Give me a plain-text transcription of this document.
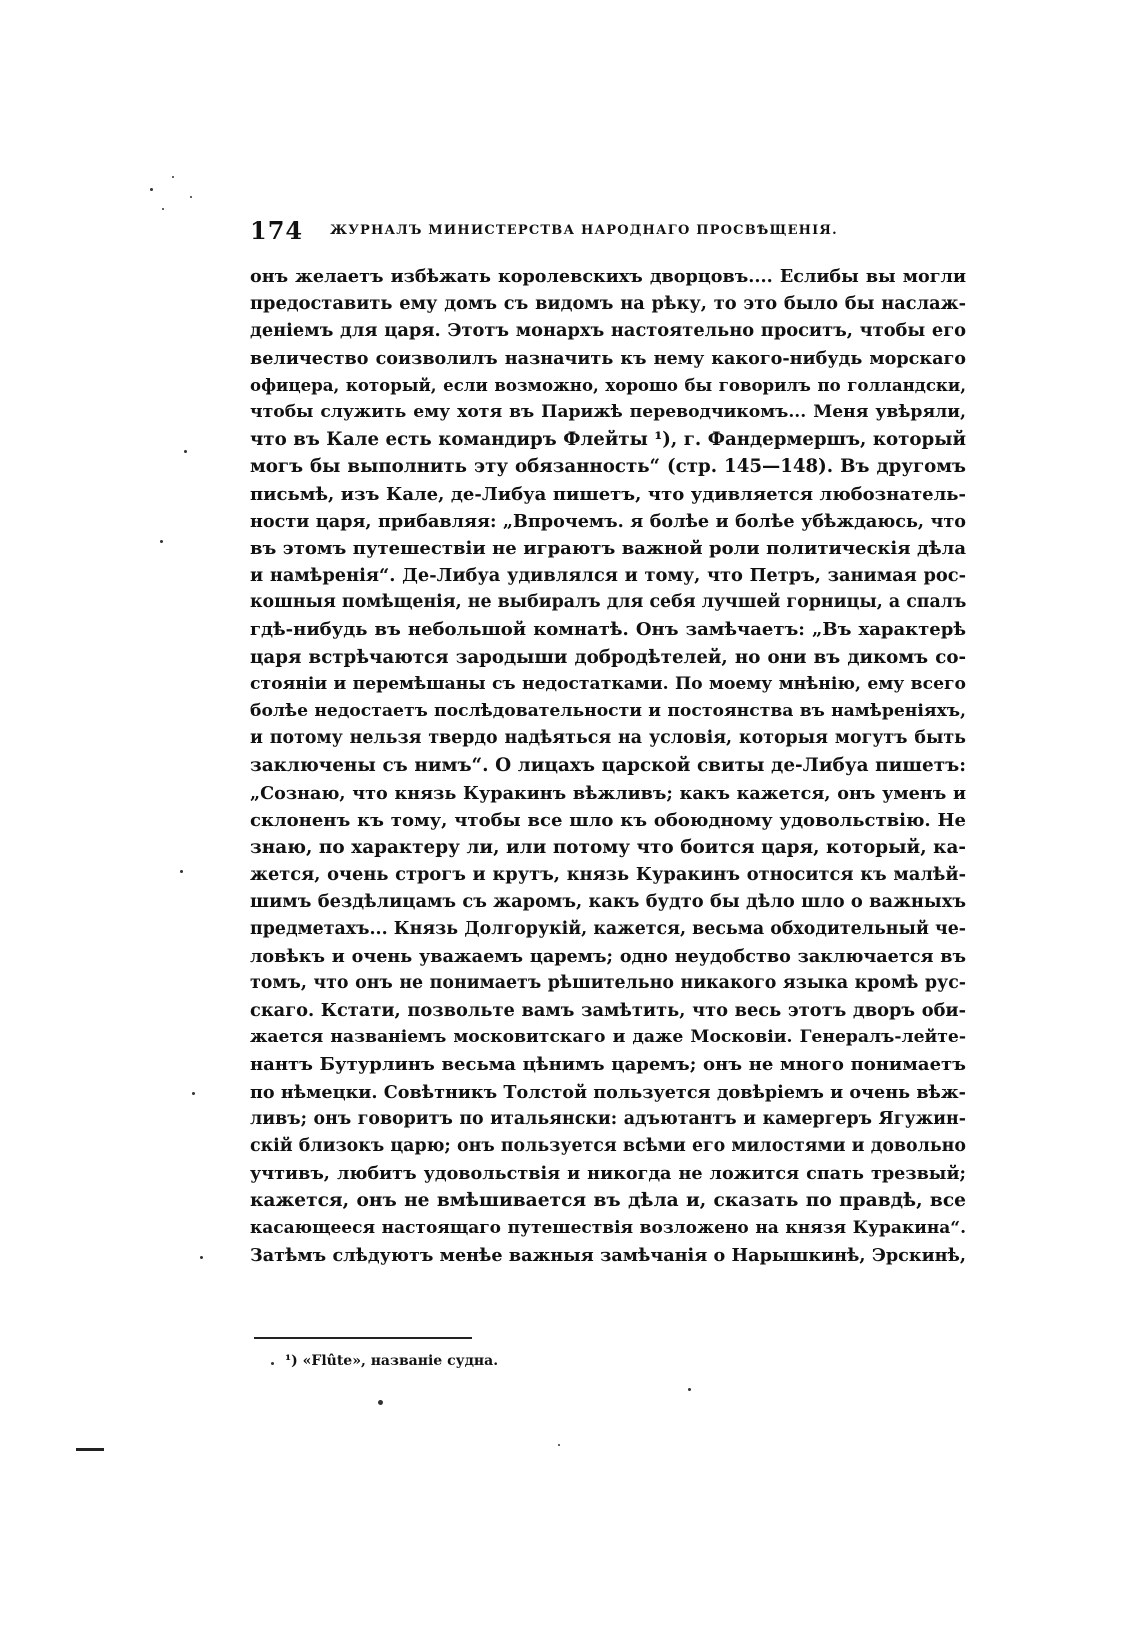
174 ЖУРНАЛЪ МИНИСТЕРСТВА НАРОДНАГО ПРОСВѢЩЕНІЯ.
онъ желаетъ избѣжать королевскихъ дворцовъ.... Еслибы вы могли
предоставить ему домъ съ видомъ на рѣку, то это было бы наслаж-
деніемъ для царя. Этотъ монархъ настоятельно проситъ, чтобы его
величество соизволилъ назначить къ нему какого-нибудь морскаго
офицера, который, если возможно, хорошо бы говорилъ по голландски,
чтобы служить ему хотя въ Парижѣ переводчикомъ... Меня увѣряли,
что въ Кале есть командиръ Флейты ¹), г. Фандермершъ, который
могъ бы выполнить эту обязанность“ (стр. 145—148). Въ другомъ
письмѣ, изъ Кале, де-Либуа пишетъ, что удивляется любознатель-
ности царя, прибавляя: „Впрочемъ. я болѣе и болѣе убѣждаюсь, что
въ этомъ путешествіи не играютъ важной роли политическія дѣла
и намѣренія“. Де-Либуа удивлялся и тому, что Петръ, занимая рос-
кошныя помѣщенія, не выбиралъ для себя лучшей горницы, а спалъ
гдѣ-нибудь въ небольшой комнатѣ. Онъ замѣчаетъ: „Въ характерѣ
царя встрѣчаются зародыши добродѣтелей, но они въ дикомъ со-
стояніи и перемѣшаны съ недостатками. По моему мнѣнію, ему всего
болѣе недостаетъ послѣдовательности и постоянства въ намѣреніяхъ,
и потому нельзя твердо надѣяться на условія, которыя могутъ быть
заключены съ нимъ“. О лицахъ царской свиты де-Либуа пишетъ:
„Сознаю, что князь Куракинъ вѣжливъ; какъ кажется, онъ уменъ и
склоненъ къ тому, чтобы все шло къ обоюдному удовольствію. Не
знаю, по характеру ли, или потому что боится царя, который, ка-
жется, очень строгъ и крутъ, князь Куракинъ относится къ малѣй-
шимъ бездѣлицамъ съ жаромъ, какъ будто бы дѣло шло о важныхъ
предметахъ... Князь Долгорукій, кажется, весьма обходительный че-
ловѣкъ и очень уважаемъ царемъ; одно неудобство заключается въ
томъ, что онъ не понимаетъ рѣшительно никакого языка кромѣ рус-
скаго. Кстати, позвольте вамъ замѣтить, что весь этотъ дворъ оби-
жается названіемъ московитскаго и даже Московіи. Генералъ-лейте-
нантъ Бутурлинъ весьма цѣнимъ царемъ; онъ не много понимаетъ
по нѣмецки. Совѣтникъ Толстой пользуется довѣріемъ и очень вѣж-
ливъ; онъ говоритъ по итальянски: адъютантъ и камергеръ Ягужин-
скій близокъ царю; онъ пользуется всѣми его милостями и довольно
учтивъ, любитъ удовольствія и никогда не ложится спать трезвый;
кажется, онъ не вмѣшивается въ дѣла и, сказать по правдѣ, все
касающееся настоящаго путешествія возложено на князя Куракина“.
Затѣмъ слѣдуютъ менѣе важныя замѣчанія о Нарышкинѣ, Эрскинѣ,
¹) «Flûte», названіе судна.
